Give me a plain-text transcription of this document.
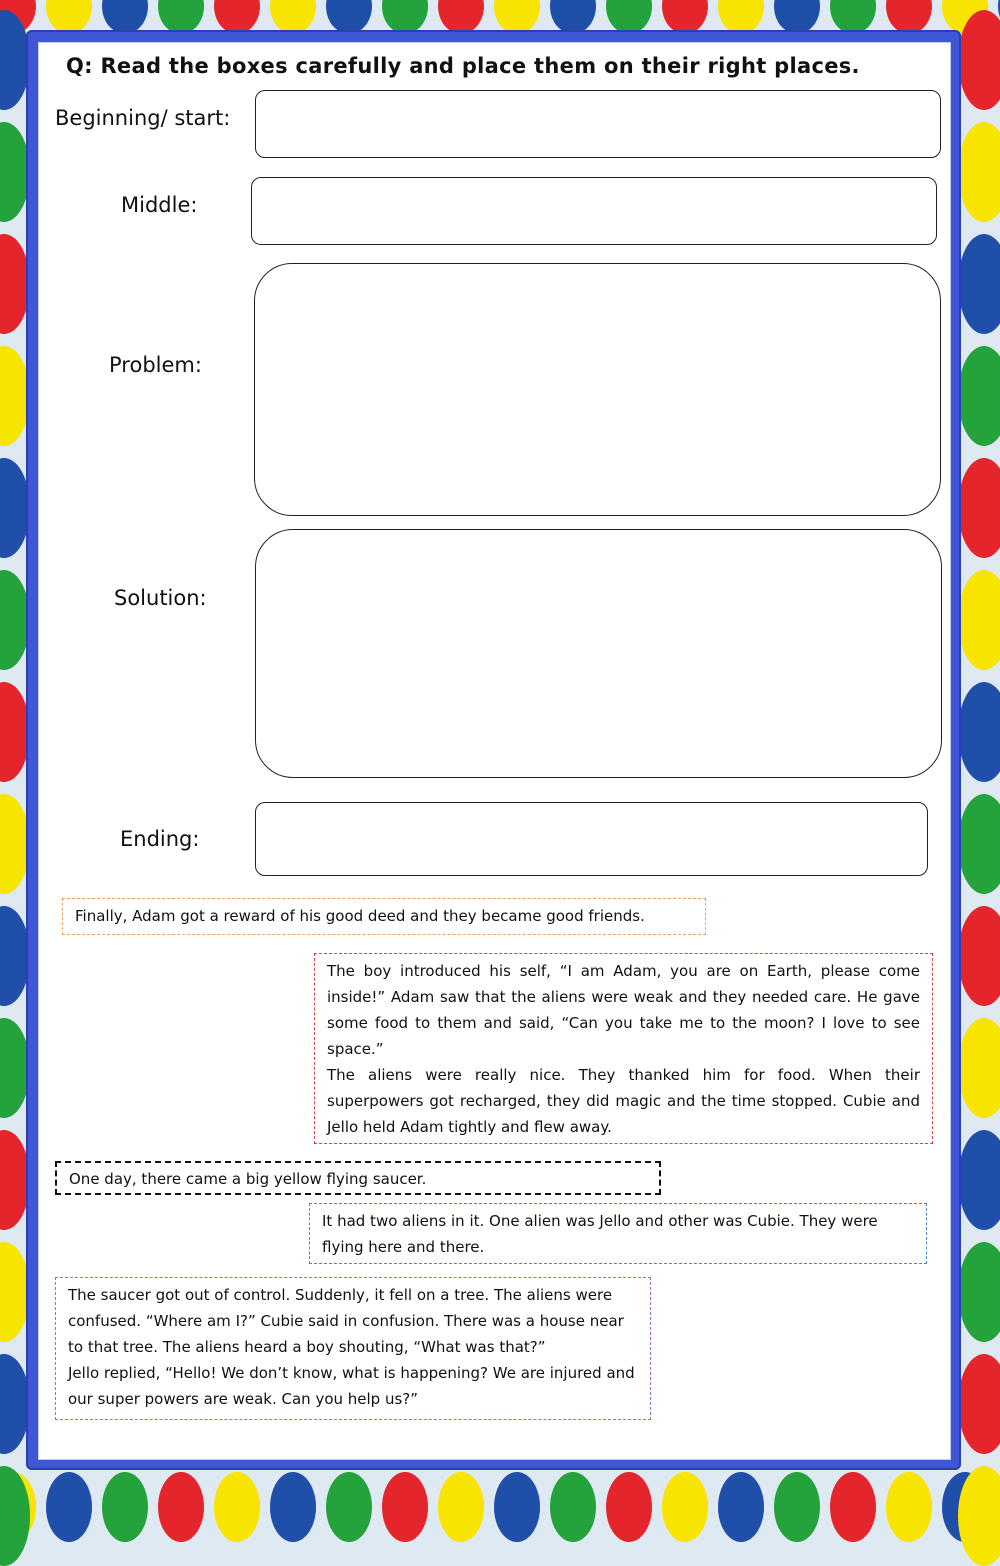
Q: Read the boxes carefully and place them on their right places.
Beginning/ start:
Middle:
Problem:
Solution:
Ending:

Finally, Adam got a reward of his good deed and they became good friends.

The boy introduced his self, “I am Adam, you are on Earth, please come inside!” Adam saw that the aliens were weak and they needed care. He gave some food to them and said, “Can you take me to the moon? I love to see space.”

The aliens were really nice. They thanked him for food. When their superpowers got recharged, they did magic and the time stopped. Cubie and Jello held Adam tightly and flew away.

One day, there came a big yellow flying saucer.

It had two aliens in it. One alien was Jello and other was Cubie. They were flying here and there.

The saucer got out of control. Suddenly, it fell on a tree. The aliens were confused. “Where am I?” Cubie said in confusion. There was a house near to that tree. The aliens heard a boy shouting, “What was that?”

Jello replied, “Hello! We don’t know, what is happening? We are injured and our super powers are weak. Can you help us?”
